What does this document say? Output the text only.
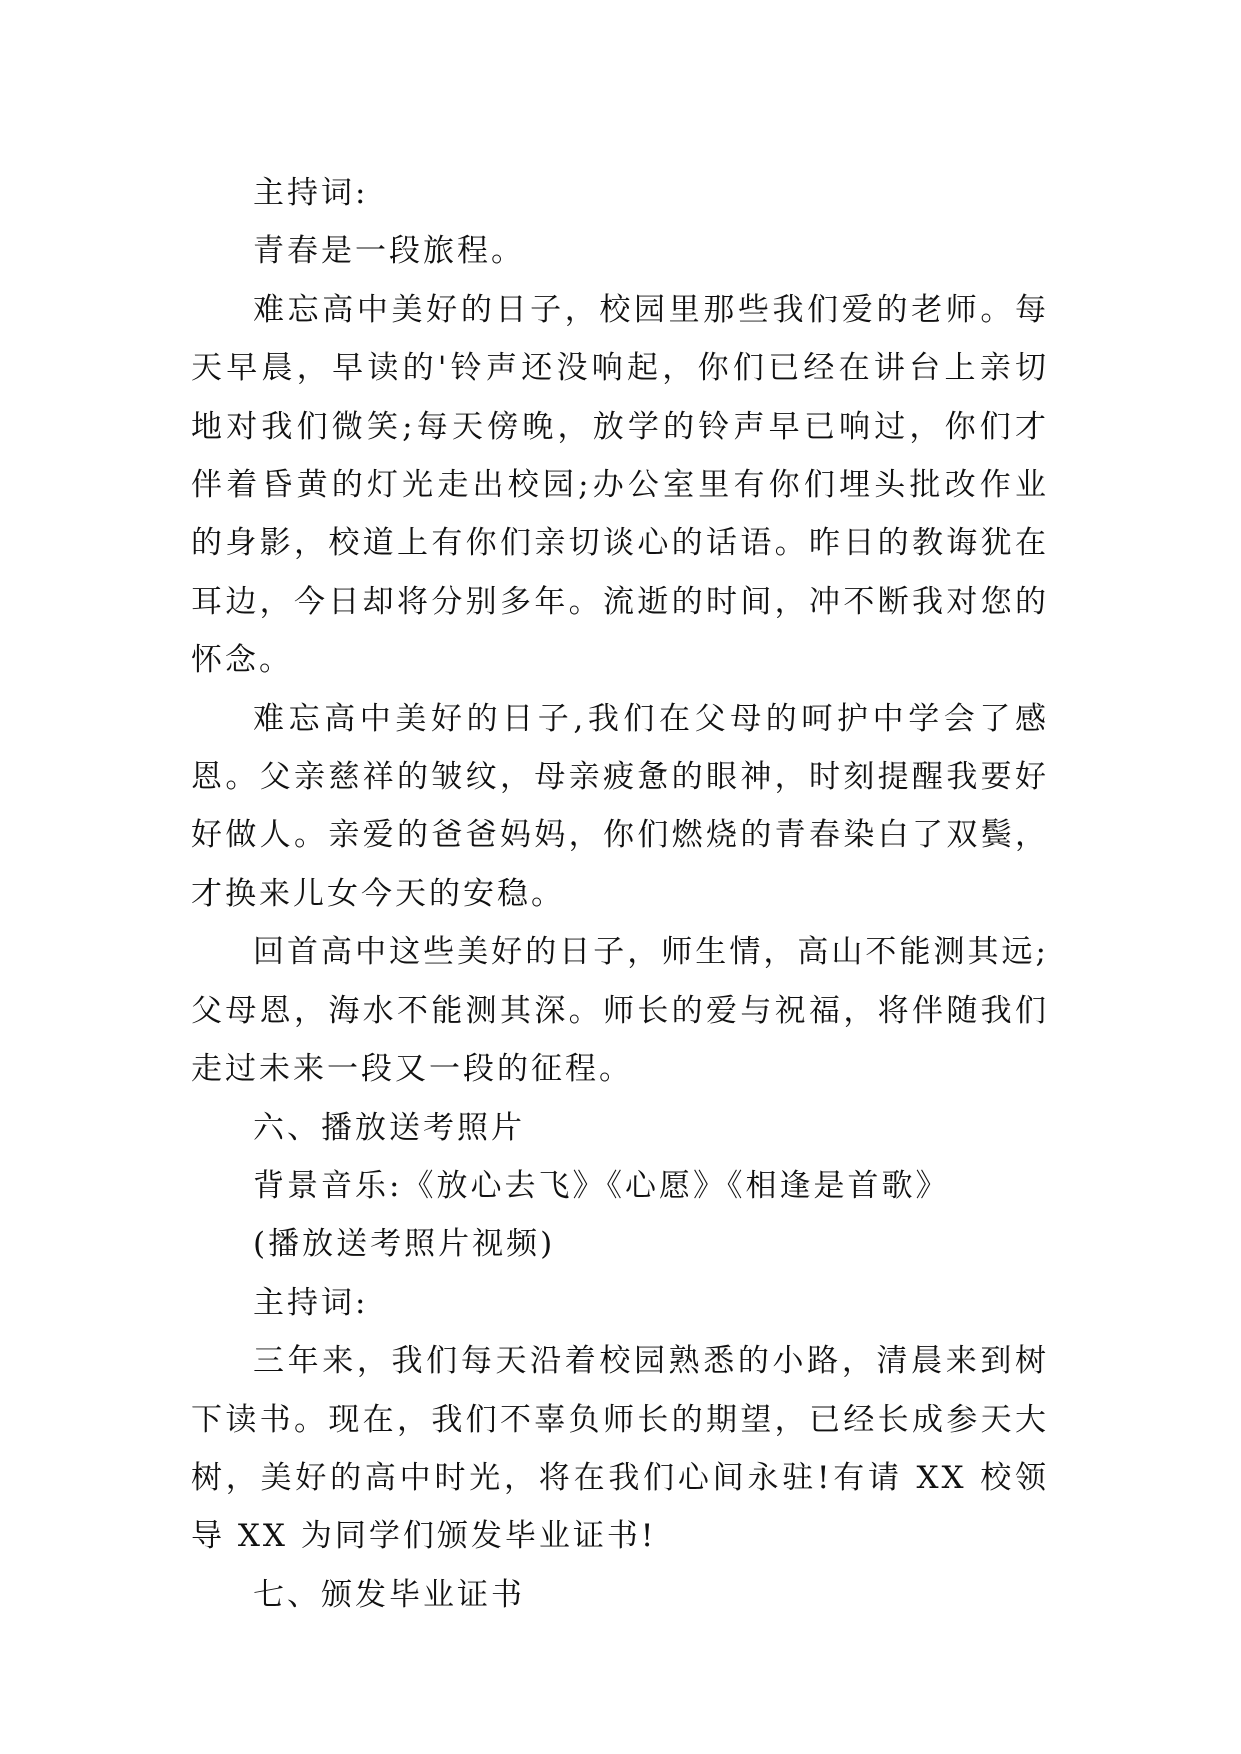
主持词:

青春是一段旅程。

难忘高中美好的日子，校园里那些我们爱的老师。每天早晨，早读的'铃声还没响起，你们已经在讲台上亲切地对我们微笑;每天傍晚，放学的铃声早已响过，你们才伴着昏黄的灯光走出校园;办公室里有你们埋头批改作业的身影，校道上有你们亲切谈心的话语。昨日的教诲犹在耳边，今日却将分别多年。流逝的时间，冲不断我对您的怀念。

难忘高中美好的日子,我们在父母的呵护中学会了感恩。父亲慈祥的皱纹，母亲疲惫的眼神，时刻提醒我要好好做人。亲爱的爸爸妈妈，你们燃烧的青春染白了双鬓，才换来儿女今天的安稳。

回首高中这些美好的日子，师生情，高山不能测其远;父母恩，海水不能测其深。师长的爱与祝福，将伴随我们走过未来一段又一段的征程。

六、播放送考照片

背景音乐:《放心去飞》《心愿》《相逢是首歌》

(播放送考照片视频)

主持词:

三年来，我们每天沿着校园熟悉的小路，清晨来到树下读书。现在，我们不辜负师长的期望，已经长成参天大树，美好的高中时光，将在我们心间永驻!有请 XX 校领导 XX 为同学们颁发毕业证书!

七、颁发毕业证书
